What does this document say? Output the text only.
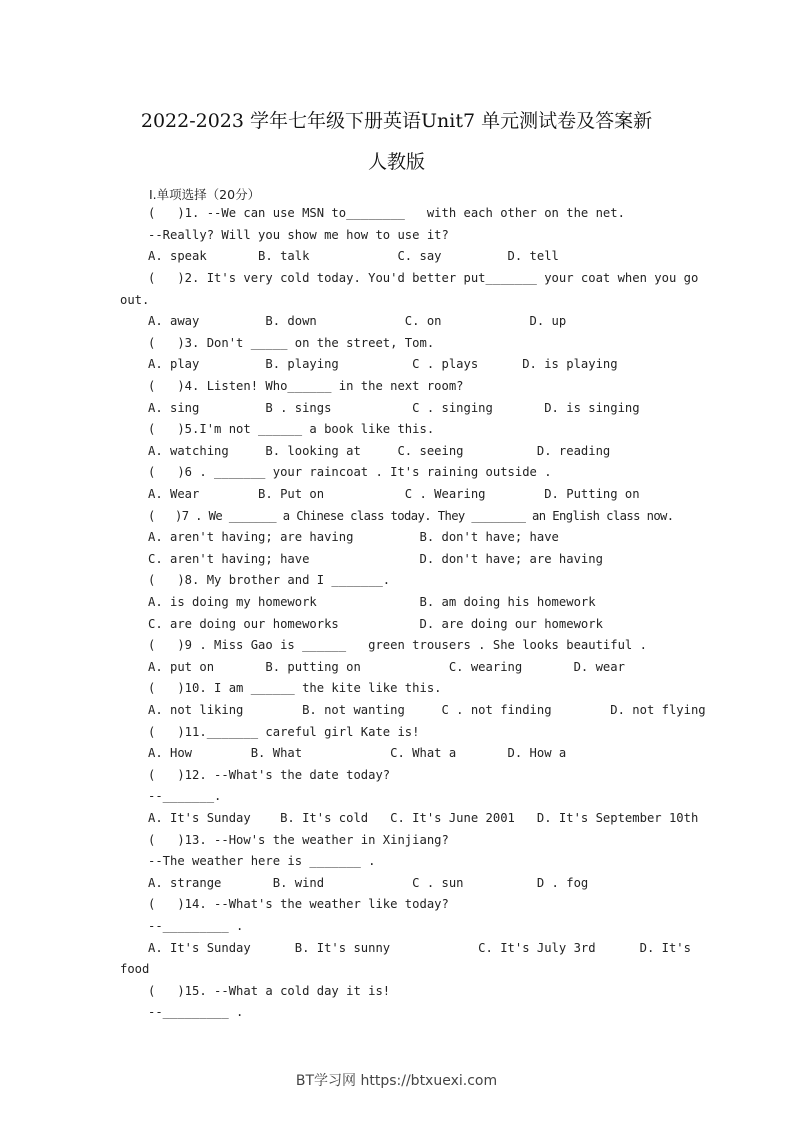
2022-2023 学年七年级下册英语Unit7 单元测试卷及答案新
人教版
I.单项选择（20分）
(   )1. --We can use MSN to________   with each other on the net.
--Really? Will you show me how to use it?
A. speak       B. talk            C. say         D. tell
(   )2. It's very cold today. You'd better put_______ your coat when you go
out.
A. away         B. down            C. on            D. up
(   )3. Don't _____ on the street, Tom.
A. play         B. playing          C . plays      D. is playing
(   )4. Listen! Who______ in the next room?
A. sing         B . sings           C . singing       D. is singing
(   )5.I'm not ______ a book like this.
A. watching     B. looking at     C. seeing          D. reading
(   )6 . _______ your raincoat . It's raining outside .
A. Wear        B. Put on           C . Wearing        D. Putting on
(   )7 . We _______ a Chinese class today. They ________ an English class now.
A. aren't having; are having         B. don't have; have
C. aren't having; have               D. don't have; are having
(   )8. My brother and I _______.
A. is doing my homework              B. am doing his homework
C. are doing our homeworks           D. are doing our homework
(   )9 . Miss Gao is ______   green trousers . She looks beautiful .
A. put on       B. putting on            C. wearing       D. wear
(   )10. I am ______ the kite like this.
A. not liking        B. not wanting     C . not finding        D. not flying
(   )11._______ careful girl Kate is!
A. How        B. What            C. What a       D. How a
(   )12. --What's the date today?
--_______.
A. It's Sunday    B. It's cold   C. It's June 2001   D. It's September 10th
(   )13. --How's the weather in Xinjiang?
--The weather here is _______ .
A. strange       B. wind            C . sun          D . fog
(   )14. --What's the weather like today?
--_________ .
A. It's Sunday      B. It's sunny            C. It's July 3rd      D. It's
food
(   )15. --What a cold day it is!
--_________ .
BT学习网 https://btxuexi.com
